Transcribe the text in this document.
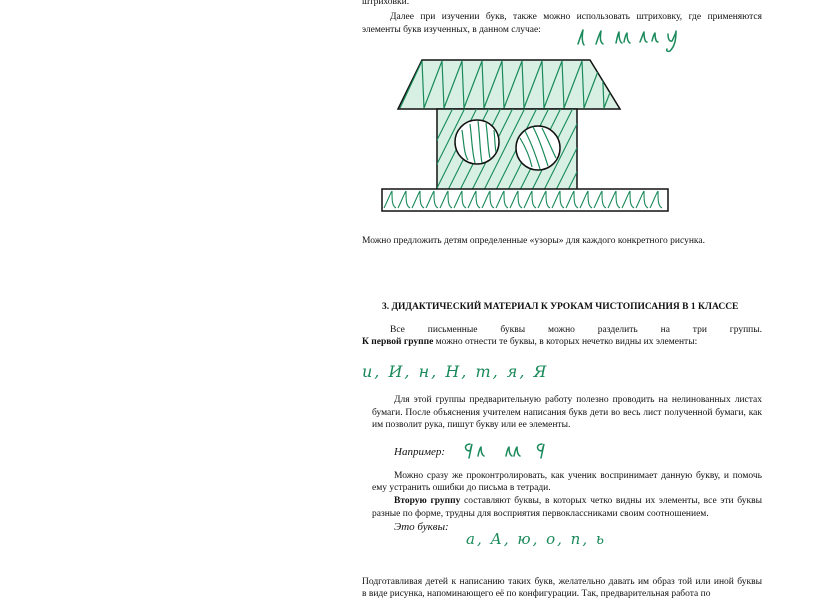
штриховки.
Далее при изучении букв, также можно использовать штриховку, где применяются
элементы букв изученных, в данном случае:
Можно предложить детям определенные «узоры» для каждого конкретного рисунка.
3. ДИДАКТИЧЕСКИЙ МАТЕРИАЛ К УРОКАМ ЧИСТОПИСАНИЯ В 1 КЛАССЕ
Все письменные буквы можно разделить на три группы.
К первой группе можно отнести те буквы, в которых нечетко видны их элементы:
и, И, н, Н, т, я, Я
Для этой группы предварительную работу полезно проводить на нелинованных листах
бумаги. После объяснения учителем написания букв дети во весь лист полученной бумаги, как
им позволит рука, пишут букву или ее элементы.
Например:
Можно сразу же проконтролировать, как ученик воспринимает данную букву, и помочь
ему устранить ошибки до письма в тетради.
Вторую группу составляют буквы, в которых четко видны их элементы, все эти буквы
разные по форме, трудны для восприятия первоклассниками своим соотношением.
Это буквы:
а, А, ю, о, п, ь
Подготавливая детей к написанию таких букв, желательно давать им образ той или иной буквы
в виде рисунка, напоминающего её по конфигурации. Так, предварительная работа по
